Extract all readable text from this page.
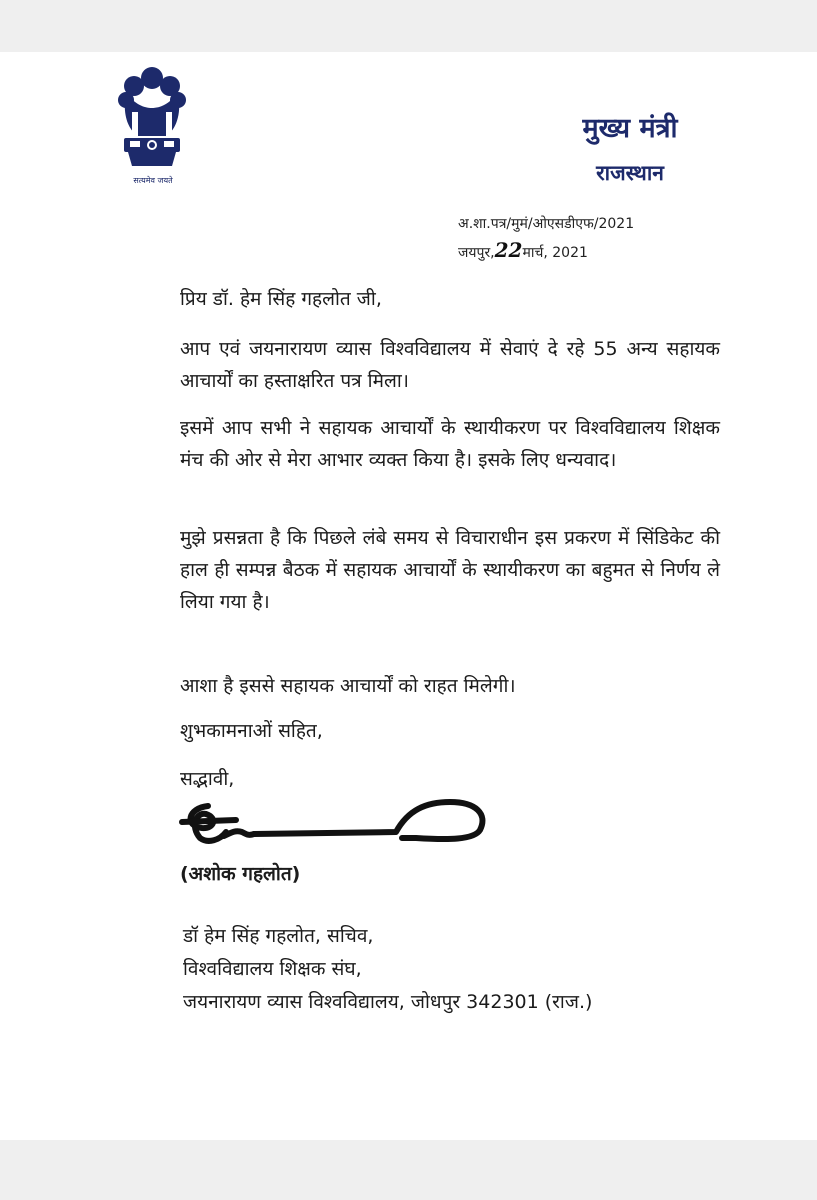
सत्यमेव जयते
मुख्य मंत्री
राजस्थान
अ.शा.पत्र/मुमं/ओएसडीएफ/2021
जयपुर,22मार्च, 2021
प्रिय डॉ. हेम सिंह गहलोत जी,
आप एवं जयनारायण व्यास विश्वविद्यालय में सेवाएं दे रहे 55 अन्य सहायक आचार्यों का हस्ताक्षरित पत्र मिला।
इसमें आप सभी ने सहायक आचार्यों के स्थायीकरण पर विश्वविद्यालय शिक्षक मंच की ओर से मेरा आभार व्यक्त किया है। इसके लिए धन्यवाद।
मुझे प्रसन्नता है कि पिछले लंबे समय से विचाराधीन इस प्रकरण में सिंडिकेट की हाल ही सम्पन्न बैठक में सहायक आचार्यों के स्थायीकरण का बहुमत से निर्णय ले लिया गया है।
आशा है इससे सहायक आचार्यों को राहत मिलेगी।
शुभकामनाओं सहित,
सद्भावी,
(अशोक गहलोत)
डॉ हेम सिंह गहलोत, सचिव,
विश्वविद्यालय शिक्षक संघ,
जयनारायण व्यास विश्वविद्यालय, जोधपुर 342301 (राज.)
